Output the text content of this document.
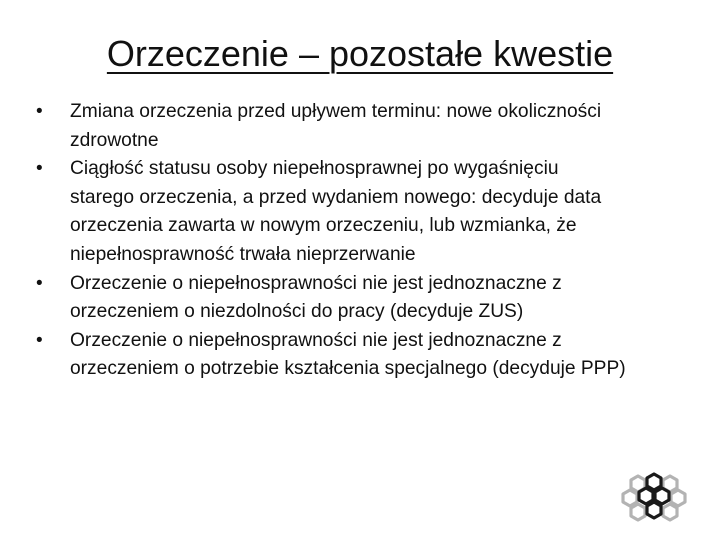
Orzeczenie – pozostałe kwestie
•	Zmiana orzeczenia przed upływem terminu: nowe okoliczności
zdrowotne
•	Ciągłość statusu osoby niepełnosprawnej po wygaśnięciu
starego orzeczenia, a przed wydaniem nowego: decyduje data
orzeczenia zawarta w nowym orzeczeniu, lub wzmianka, że
niepełnosprawność trwała nieprzerwanie
•	Orzeczenie o niepełnosprawności nie jest jednoznaczne z
orzeczeniem o niezdolności do pracy (decyduje ZUS)
•	Orzeczenie o niepełnosprawności nie jest jednoznaczne z
orzeczeniem o potrzebie kształcenia specjalnego (decyduje PPP)
